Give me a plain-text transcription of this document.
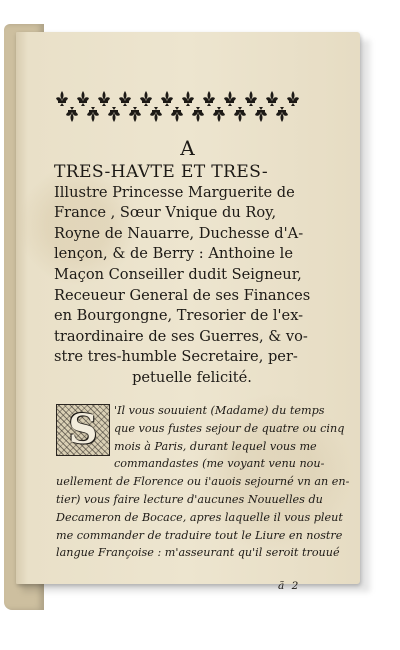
A

TRES-HAVTE ET TRES-
Illustre Princesse Marguerite de
France , Sœur Vnique du Roy,
Royne de Nauarre, Duchesse d'A-
lençon, & de Berry : Anthoine le
Maçon Conseiller dudit Seigneur,
Receueur General de ses Finances
en Bourgongne, Tresorier de l'ex-
traordinaire de ses Guerres, & vo-
stre tres-humble Secretaire, per-
petuelle felicité.

S	'Il vous souuient (Madame) du temps
que vous fustes sejour de quatre ou cinq
mois à Paris, durant lequel vous me
commandastes (me voyant venu nou-
uellement de Florence ou i'auois sejourné vn an en-
tier) vous faire lecture d'aucunes Nouuelles du
Decameron de Bocace, apres laquelle il vous pleut
me commander de traduire tout le Liure en nostre
langue Françoise : m'asseurant qu'il seroit trouué

ã 2
